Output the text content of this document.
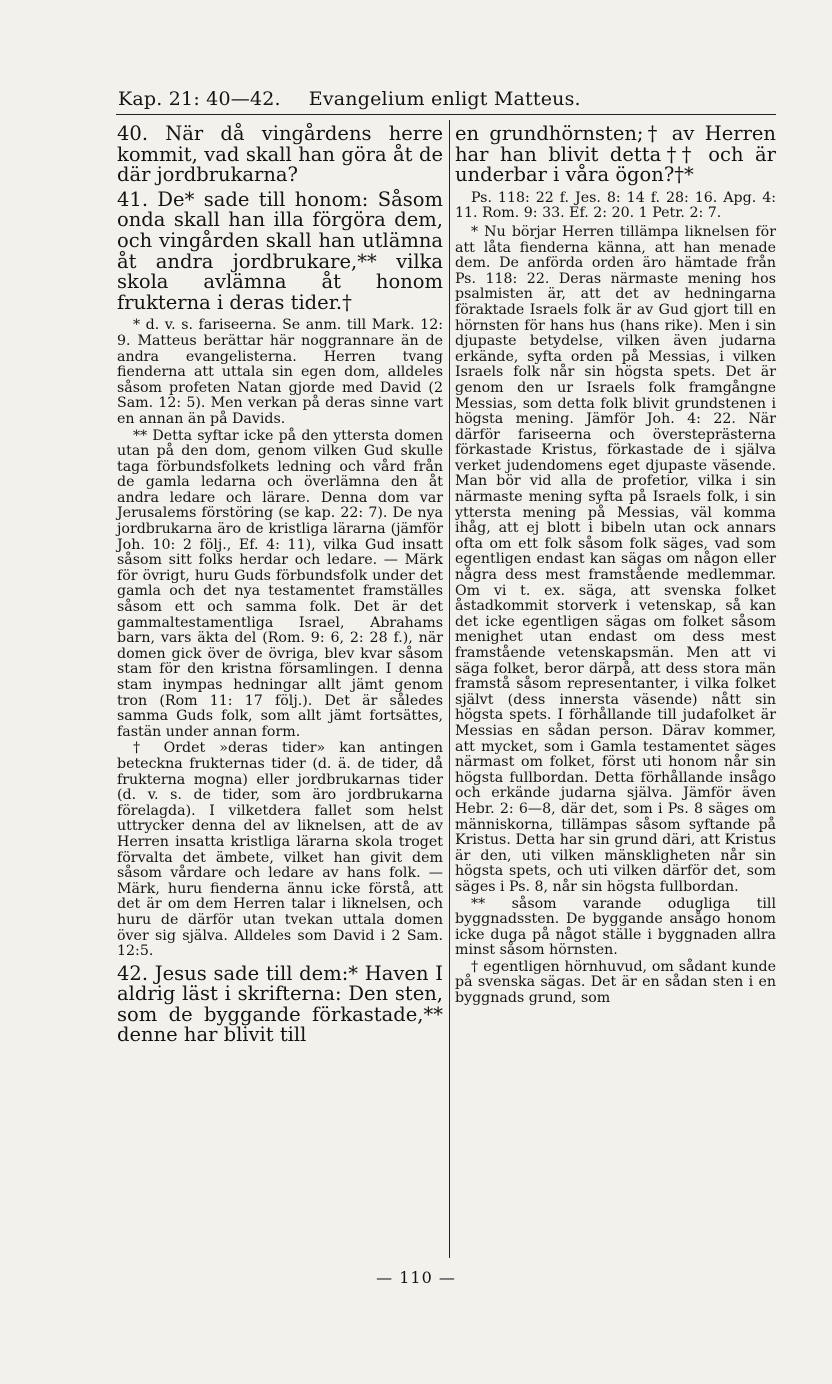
Kap. 21: 40—42. Evangelium enligt Matteus.

40. När då vingårdens herre kommit, vad skall han göra åt de där jordbrukarna?

41. De* sade till honom: Såsom onda skall han illa förgöra dem, och vingården skall han utlämna åt andra jordbrukare,** vilka skola avlämna åt honom frukterna i deras tider.†

* d. v. s. fariseerna. Se anm. till Mark. 12: 9. Matteus berättar här noggrannare än de andra evangelisterna. Herren tvang fienderna att uttala sin egen dom, alldeles såsom profeten Natan gjorde med David (2 Sam. 12: 5). Men verkan på deras sinne vart en annan än på Davids.

** Detta syftar icke på den yttersta domen utan på den dom, genom vilken Gud skulle taga förbundsfolkets ledning och vård från de gamla ledarna och överlämna den åt andra ledare och lärare. Denna dom var Jerusalems förstöring (se kap. 22: 7). De nya jordbrukarna äro de kristliga lärarna (jämför Joh. 10: 2 följ., Ef. 4: 11), vilka Gud insatt såsom sitt folks herdar och ledare. — Märk för övrigt, huru Guds förbundsfolk under det gamla och det nya testamentet framställes såsom ett och samma folk. Det är det gammaltestamentliga Israel, Abrahams barn, vars äkta del (Rom. 9: 6, 2: 28 f.), när domen gick över de övriga, blev kvar såsom stam för den kristna församlingen. I denna stam inympas hedningar allt jämt genom tron (Rom 11: 17 följ.). Det är således samma Guds folk, som allt jämt fortsättes, fastän under annan form.

† Ordet »deras tider» kan antingen beteckna frukternas tider (d. ä. de tider, då frukterna mogna) eller jordbrukarnas tider (d. v. s. de tider, som äro jordbrukarna förelagda). I vilketdera fallet som helst uttrycker denna del av liknelsen, att de av Herren insatta kristliga lärarna skola troget förvalta det ämbete, vilket han givit dem såsom vårdare och ledare av hans folk. — Märk, huru fienderna ännu icke förstå, att det är om dem Herren talar i liknelsen, och huru de därför utan tvekan uttala domen över sig själva. Alldeles som David i 2 Sam. 12:5.

42. Jesus sade till dem:* Haven I aldrig läst i skrifterna: Den sten, som de byggande förkastade,** denne har blivit till

en grundhörnsten;† av Herren har han blivit detta†† och är underbar i våra ögon?†*

Ps. 118: 22 f. Jes. 8: 14 f. 28: 16. Apg. 4: 11. Rom. 9: 33. Ef. 2: 20. 1 Petr. 2: 7.

* Nu börjar Herren tillämpa liknelsen för att låta fienderna känna, att han menade dem. De anförda orden äro hämtade från Ps. 118: 22. Deras närmaste mening hos psalmisten är, att det av hedningarna föraktade Israels folk är av Gud gjort till en hörnsten för hans hus (hans rike). Men i sin djupaste betydelse, vilken även judarna erkände, syfta orden på Messias, i vilken Israels folk når sin högsta spets. Det är genom den ur Israels folk framgångne Messias, som detta folk blivit grundstenen i högsta mening. Jämför Joh. 4: 22. När därför fariseerna och översteprästerna förkastade Kristus, förkastade de i själva verket judendomens eget djupaste väsende. Man bör vid alla de profetior, vilka i sin närmaste mening syfta på Israels folk, i sin yttersta mening på Messias, väl komma ihåg, att ej blott i bibeln utan ock annars ofta om ett folk såsom folk säges, vad som egentligen endast kan sägas om någon eller några dess mest framstående medlemmar. Om vi t. ex. säga, att svenska folket åstadkommit storverk i vetenskap, så kan det icke egentligen sägas om folket såsom menighet utan endast om dess mest framstående vetenskapsmän. Men att vi säga folket, beror därpå, att dess stora män framstå såsom representanter, i vilka folket självt (dess innersta väsende) nått sin högsta spets. I förhållande till judafolket är Messias en sådan person. Därav kommer, att mycket, som i Gamla testamentet säges närmast om folket, först uti honom når sin högsta fullbordan. Detta förhållande insågo och erkände judarna själva. Jämför även Hebr. 2: 6—8, där det, som i Ps. 8 säges om människorna, tillämpas såsom syftande på Kristus. Detta har sin grund däri, att Kristus är den, uti vilken mänskligheten når sin högsta spets, och uti vilken därför det, som säges i Ps. 8, når sin högsta fullbordan.

** såsom varande odugliga till byggnadssten. De byggande ansågo honom icke duga på något ställe i byggnaden allra minst såsom hörnsten.

† egentligen hörnhuvud, om sådant kunde på svenska sägas. Det är en sådan sten i en byggnads grund, som

— 110 —
